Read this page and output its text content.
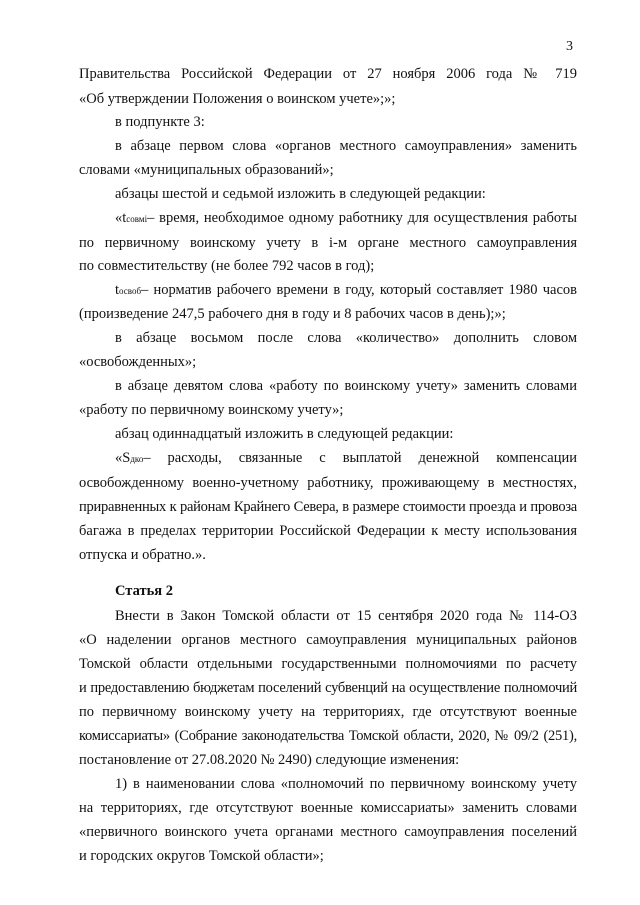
3
Правительства Российской Федерации от 27 ноября 2006 года № 719
«Об утверждении Положения о воинском учете»;»;
в подпункте 3:
в абзаце первом слова «органов местного самоуправления» заменить
словами «муниципальных образований»;
абзацы шестой и седьмой изложить в следующей редакции:
«t совмi – время, необходимое одному работнику для осуществления работы
по первичному воинскому учету в i-м органе местного самоуправления
по совместительству (не более 792 часов в год);
t освоб – норматив рабочего времени в году, который составляет 1980 часов
(произведение 247,5 рабочего дня в году и 8 рабочих часов в день);»;
в абзаце восьмом после слова «количество» дополнить словом
«освобожденных»;
в абзаце девятом слова «работу по воинскому учету» заменить словами
«работу по первичному воинскому учету»;
абзац одиннадцатый изложить в следующей редакции:
«S дко – расходы, связанные с выплатой денежной компенсации
освобожденному военно-учетному работнику, проживающему в местностях,
приравненных к районам Крайнего Севера, в размере стоимости проезда и провоза
багажа в пределах территории Российской Федерации к месту использования
отпуска и обратно.».
Статья 2
Внести в Закон Томской области от 15 сентября 2020 года № 114-ОЗ
«О наделении органов местного самоуправления муниципальных районов
Томской области отдельными государственными полномочиями по расчету
и предоставлению бюджетам поселений субвенций на осуществление полномочий
по первичному воинскому учету на территориях, где отсутствуют военные
комиссариаты» (Собрание законодательства Томской области, 2020, № 09/2 (251),
постановление от 27.08.2020 № 2490) следующие изменения:
1) в наименовании слова «полномочий по первичному воинскому учету
на территориях, где отсутствуют военные комиссариаты» заменить словами
«первичного воинского учета органами местного самоуправления поселений
и городских округов Томской области»;
